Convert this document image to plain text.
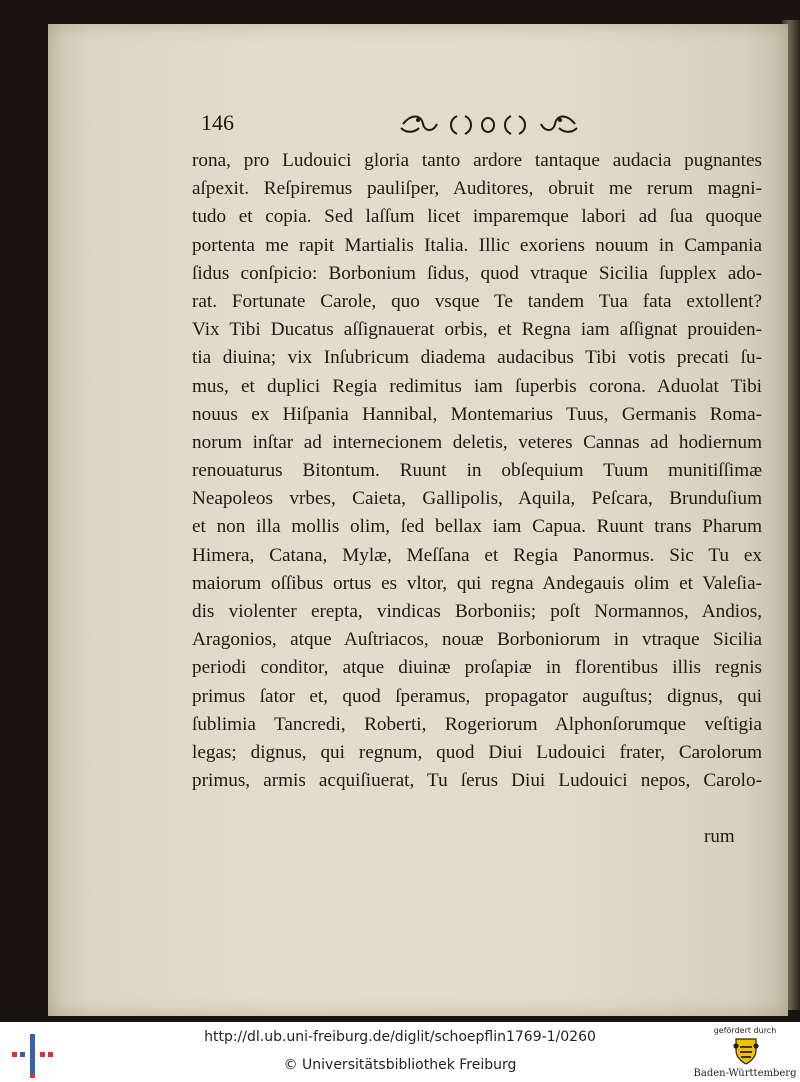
146
rona, pro Ludouici gloria tanto ardore tantaque audacia pugnantes
aſpexit. Reſpiremus pauliſper, Auditores, obruit me rerum magni-
tudo et copia. Sed laſſum licet imparemque labori ad ſua quoque
portenta me rapit Martialis Italia. Illic exoriens nouum in Campania
ſidus conſpicio: Borbonium ſidus, quod vtraque Sicilia ſupplex ado-
rat. Fortunate Carole, quo vsque Te tandem Tua fata extollent?
Vix Tibi Ducatus aſſignauerat orbis, et Regna iam aſſignat prouiden-
tia diuina; vix Inſubricum diadema audacibus Tibi votis precati ſu-
mus, et duplici Regia redimitus iam ſuperbis corona. Aduolat Tibi
nouus ex Hiſpania Hannibal, Montemarius Tuus, Germanis Roma-
norum inſtar ad internecionem deletis, veteres Cannas ad hodiernum
renouaturus Bitontum. Ruunt in obſequium Tuum munitiſſimæ
Neapoleos vrbes, Caieta, Gallipolis, Aquila, Peſcara, Brunduſium
et non illa mollis olim, ſed bellax iam Capua. Ruunt trans Pharum
Himera, Catana, Mylæ, Meſſana et Regia Panormus. Sic Tu ex
maiorum oſſibus ortus es vltor, qui regna Andegauis olim et Valeſia-
dis violenter erepta, vindicas Borboniis; poſt Normannos, Andios,
Aragonios, atque Auſtriacos, nouæ Borboniorum in vtraque Sicilia
periodi conditor, atque diuinæ proſapiæ in florentibus illis regnis
primus ſator et, quod ſperamus, propagator auguſtus; dignus, qui
ſublimia Tancredi, Roberti, Rogeriorum Alphonſorumque veſtigia
legas; dignus, qui regnum, quod Diui Ludouici frater, Carolorum
primus, armis acquiſiuerat, Tu ſerus Diui Ludouici nepos, Carolo-
rum
http://dl.ub.uni-freiburg.de/diglit/schoepflin1769-1/0260
© Universitätsbibliothek Freiburg
gefördert durch
Baden-Württemberg
